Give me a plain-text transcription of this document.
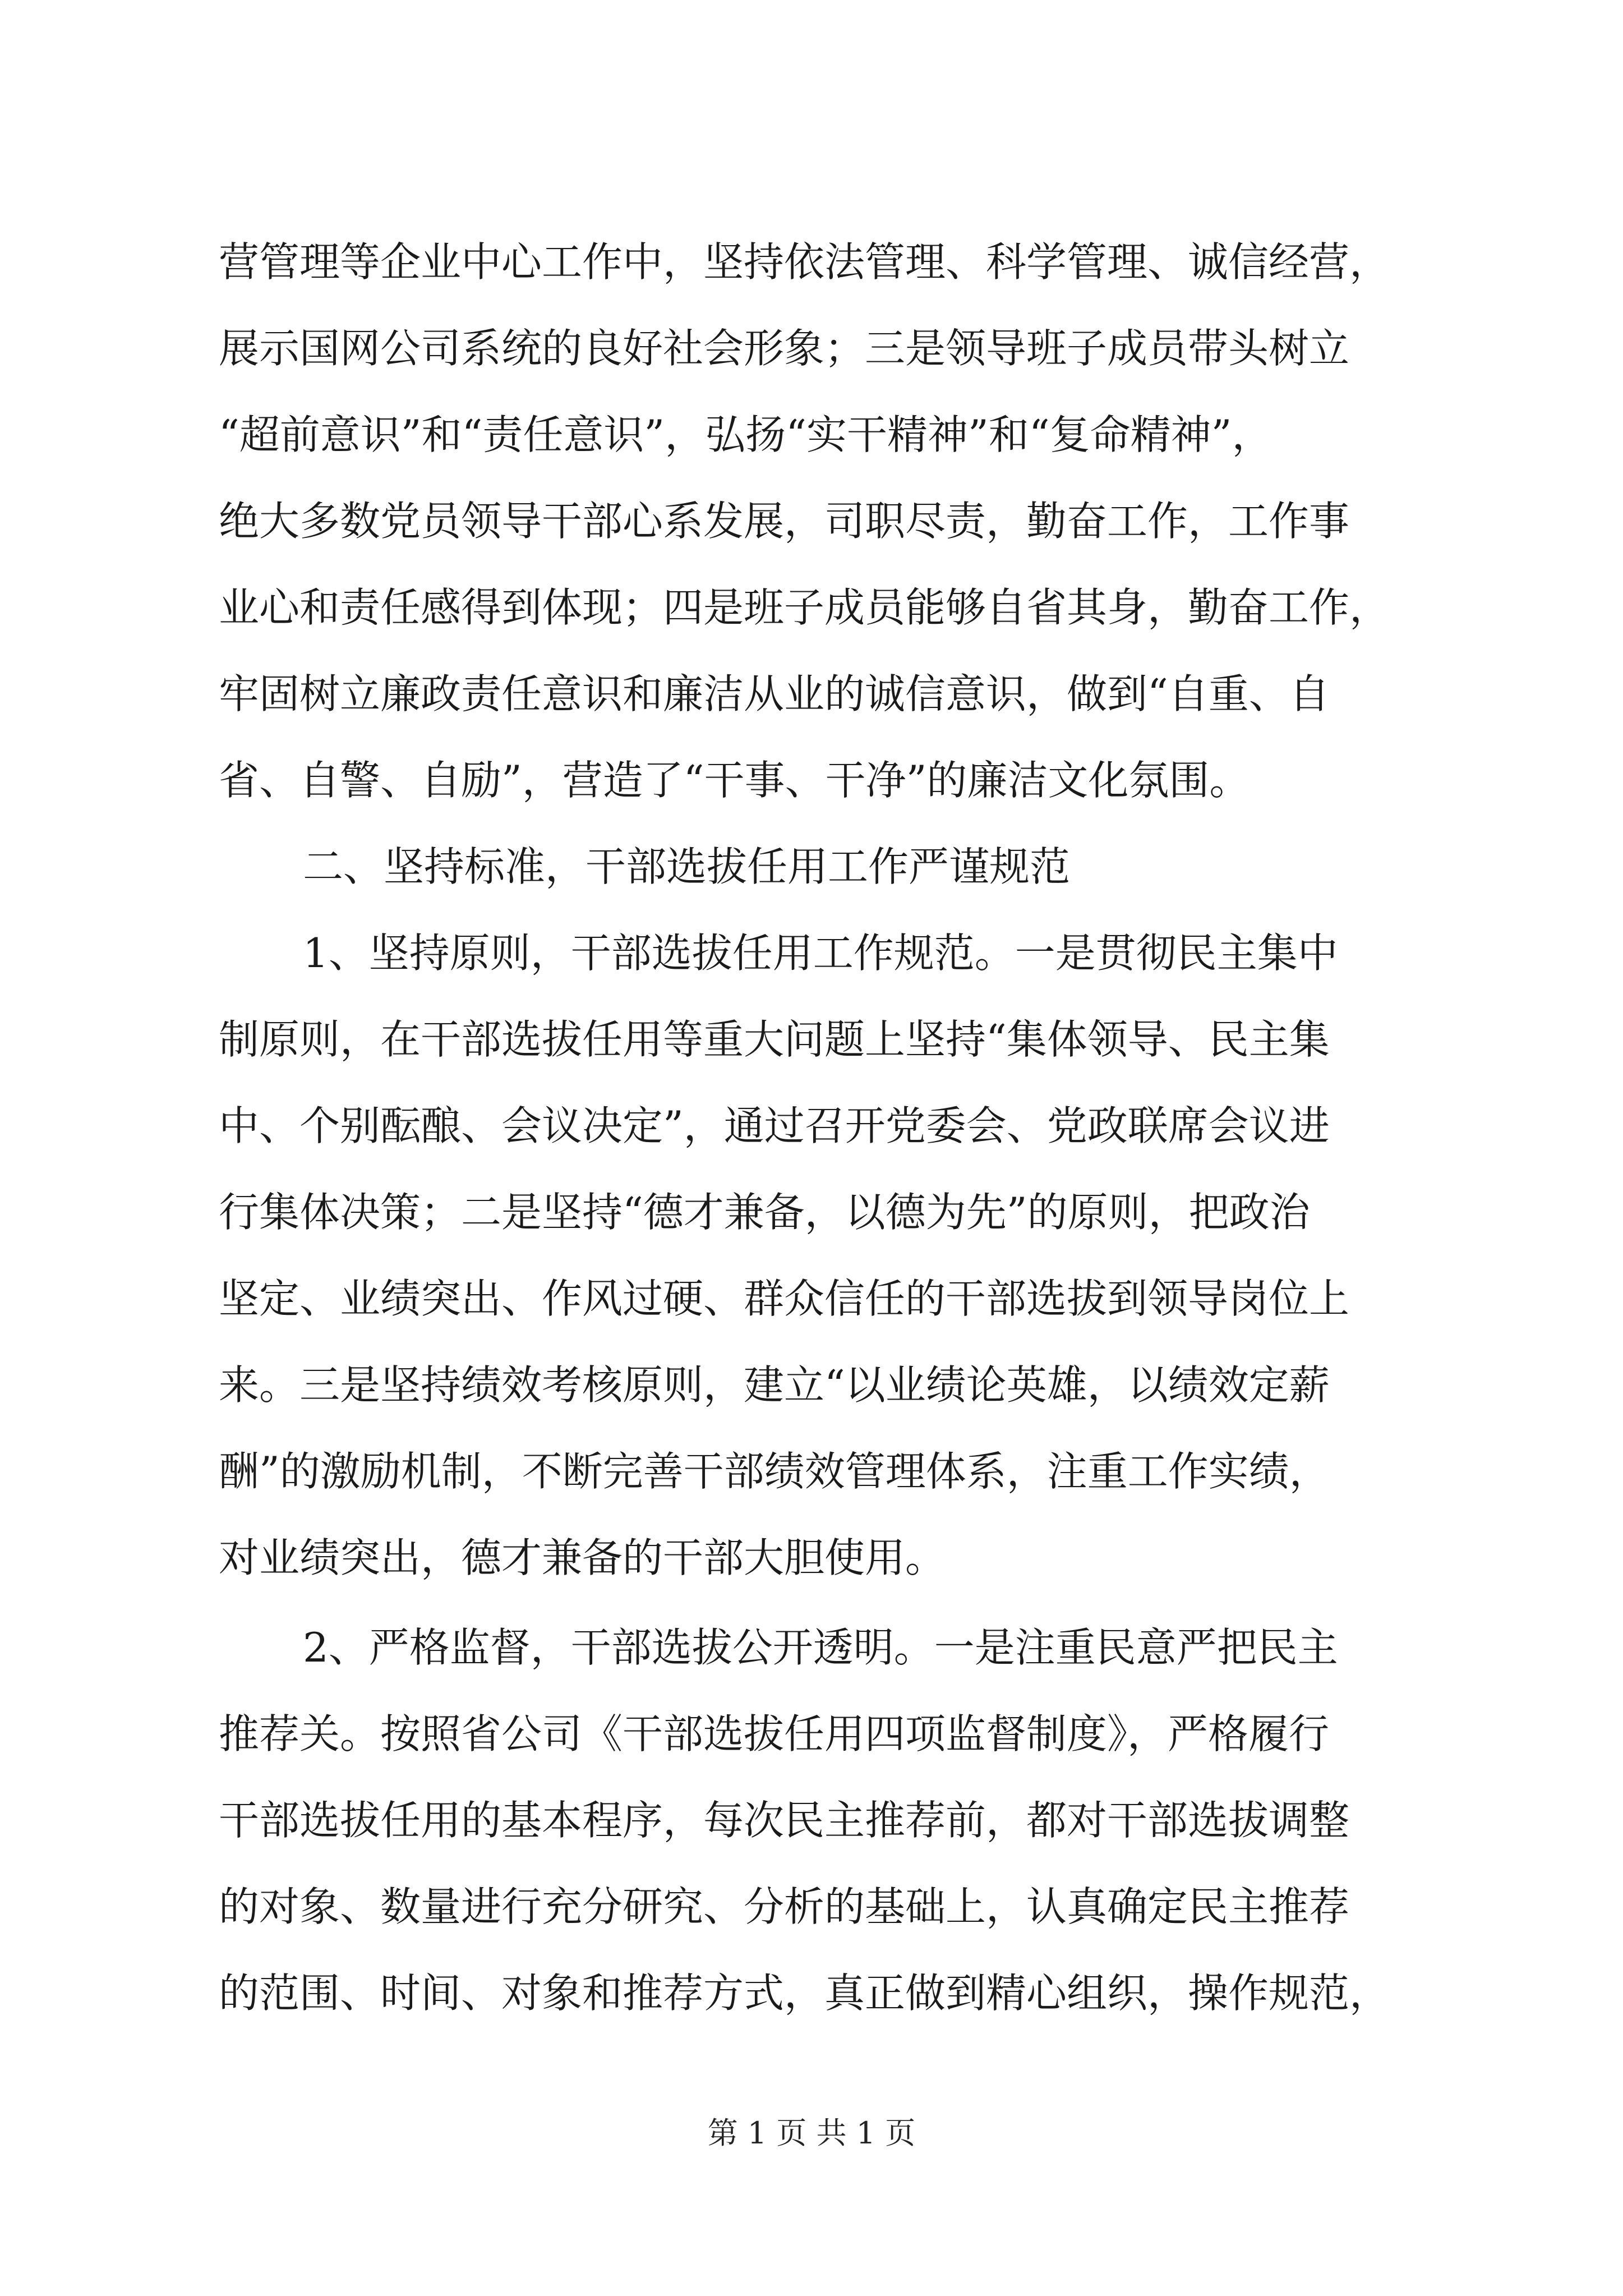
营管理等企业中心工作中，坚持依法管理、科学管理、诚信经营，
展示国网公司系统的良好社会形象；三是领导班子成员带头树立
“超前意识”和“责任意识”，弘扬“实干精神”和“复命精神”，
绝大多数党员领导干部心系发展，司职尽责，勤奋工作，工作事
业心和责任感得到体现；四是班子成员能够自省其身，勤奋工作，
牢固树立廉政责任意识和廉洁从业的诚信意识，做到“自重、自
省、自警、自励”，营造了“干事、干净”的廉洁文化氛围。
二、坚持标准，干部选拔任用工作严谨规范
1、坚持原则，干部选拔任用工作规范。一是贯彻民主集中
制原则，在干部选拔任用等重大问题上坚持“集体领导、民主集
中、个别酝酿、会议决定”，通过召开党委会、党政联席会议进
行集体决策；二是坚持“德才兼备，以德为先”的原则，把政治
坚定、业绩突出、作风过硬、群众信任的干部选拔到领导岗位上
来。三是坚持绩效考核原则，建立“以业绩论英雄，以绩效定薪
酬”的激励机制，不断完善干部绩效管理体系，注重工作实绩，
对业绩突出，德才兼备的干部大胆使用。
2、严格监督，干部选拔公开透明。一是注重民意严把民主
推荐关。按照省公司《干部选拔任用四项监督制度》，严格履行
干部选拔任用的基本程序，每次民主推荐前，都对干部选拔调整
的对象、数量进行充分研究、分析的基础上，认真确定民主推荐
的范围、时间、对象和推荐方式，真正做到精心组织，操作规范，
第 1 页 共 1 页
